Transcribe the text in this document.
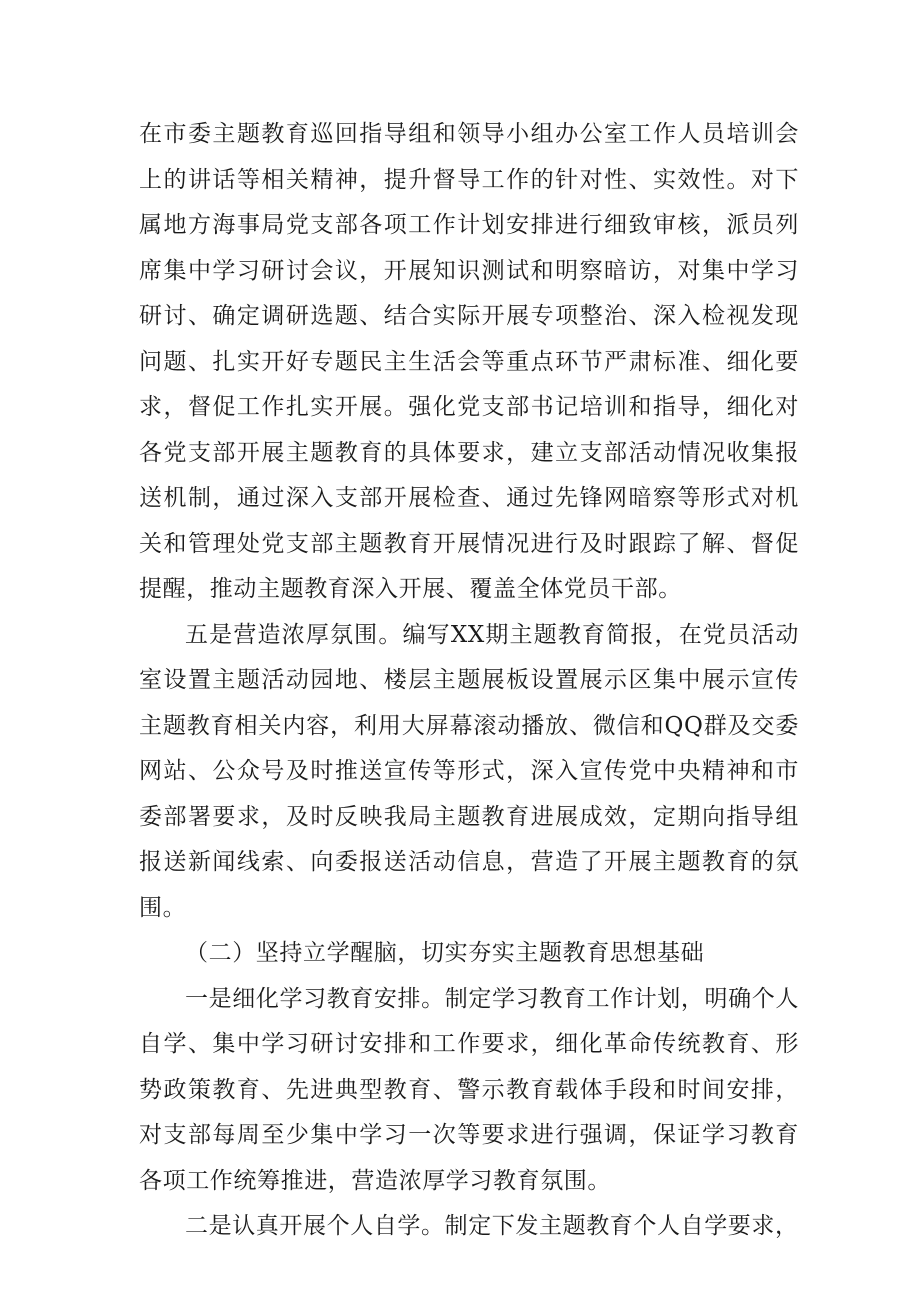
在市委主题教育巡回指导组和领导小组办公室工作人员培训会上的讲话等相关精神，提升督导工作的针对性、实效性。对下属地方海事局党支部各项工作计划安排进行细致审核，派员列席集中学习研讨会议，开展知识测试和明察暗访，对集中学习研讨、确定调研选题、结合实际开展专项整治、深入检视发现问题、扎实开好专题民主生活会等重点环节严肃标准、细化要求，督促工作扎实开展。强化党支部书记培训和指导，细化对各党支部开展主题教育的具体要求，建立支部活动情况收集报送机制，通过深入支部开展检查、通过先锋网暗察等形式对机关和管理处党支部主题教育开展情况进行及时跟踪了解、督促提醒，推动主题教育深入开展、覆盖全体党员干部。

五是营造浓厚氛围。编写XX期主题教育简报，在党员活动室设置主题活动园地、楼层主题展板设置展示区集中展示宣传主题教育相关内容，利用大屏幕滚动播放、微信和QQ群及交委网站、公众号及时推送宣传等形式，深入宣传党中央精神和市委部署要求，及时反映我局主题教育进展成效，定期向指导组报送新闻线索、向委报送活动信息，营造了开展主题教育的氛围。

（二）坚持立学醒脑，切实夯实主题教育思想基础

一是细化学习教育安排。制定学习教育工作计划，明确个人自学、集中学习研讨安排和工作要求，细化革命传统教育、形势政策教育、先进典型教育、警示教育载体手段和时间安排，对支部每周至少集中学习一次等要求进行强调，保证学习教育各项工作统筹推进，营造浓厚学习教育氛围。

二是认真开展个人自学。制定下发主题教育个人自学要求，
